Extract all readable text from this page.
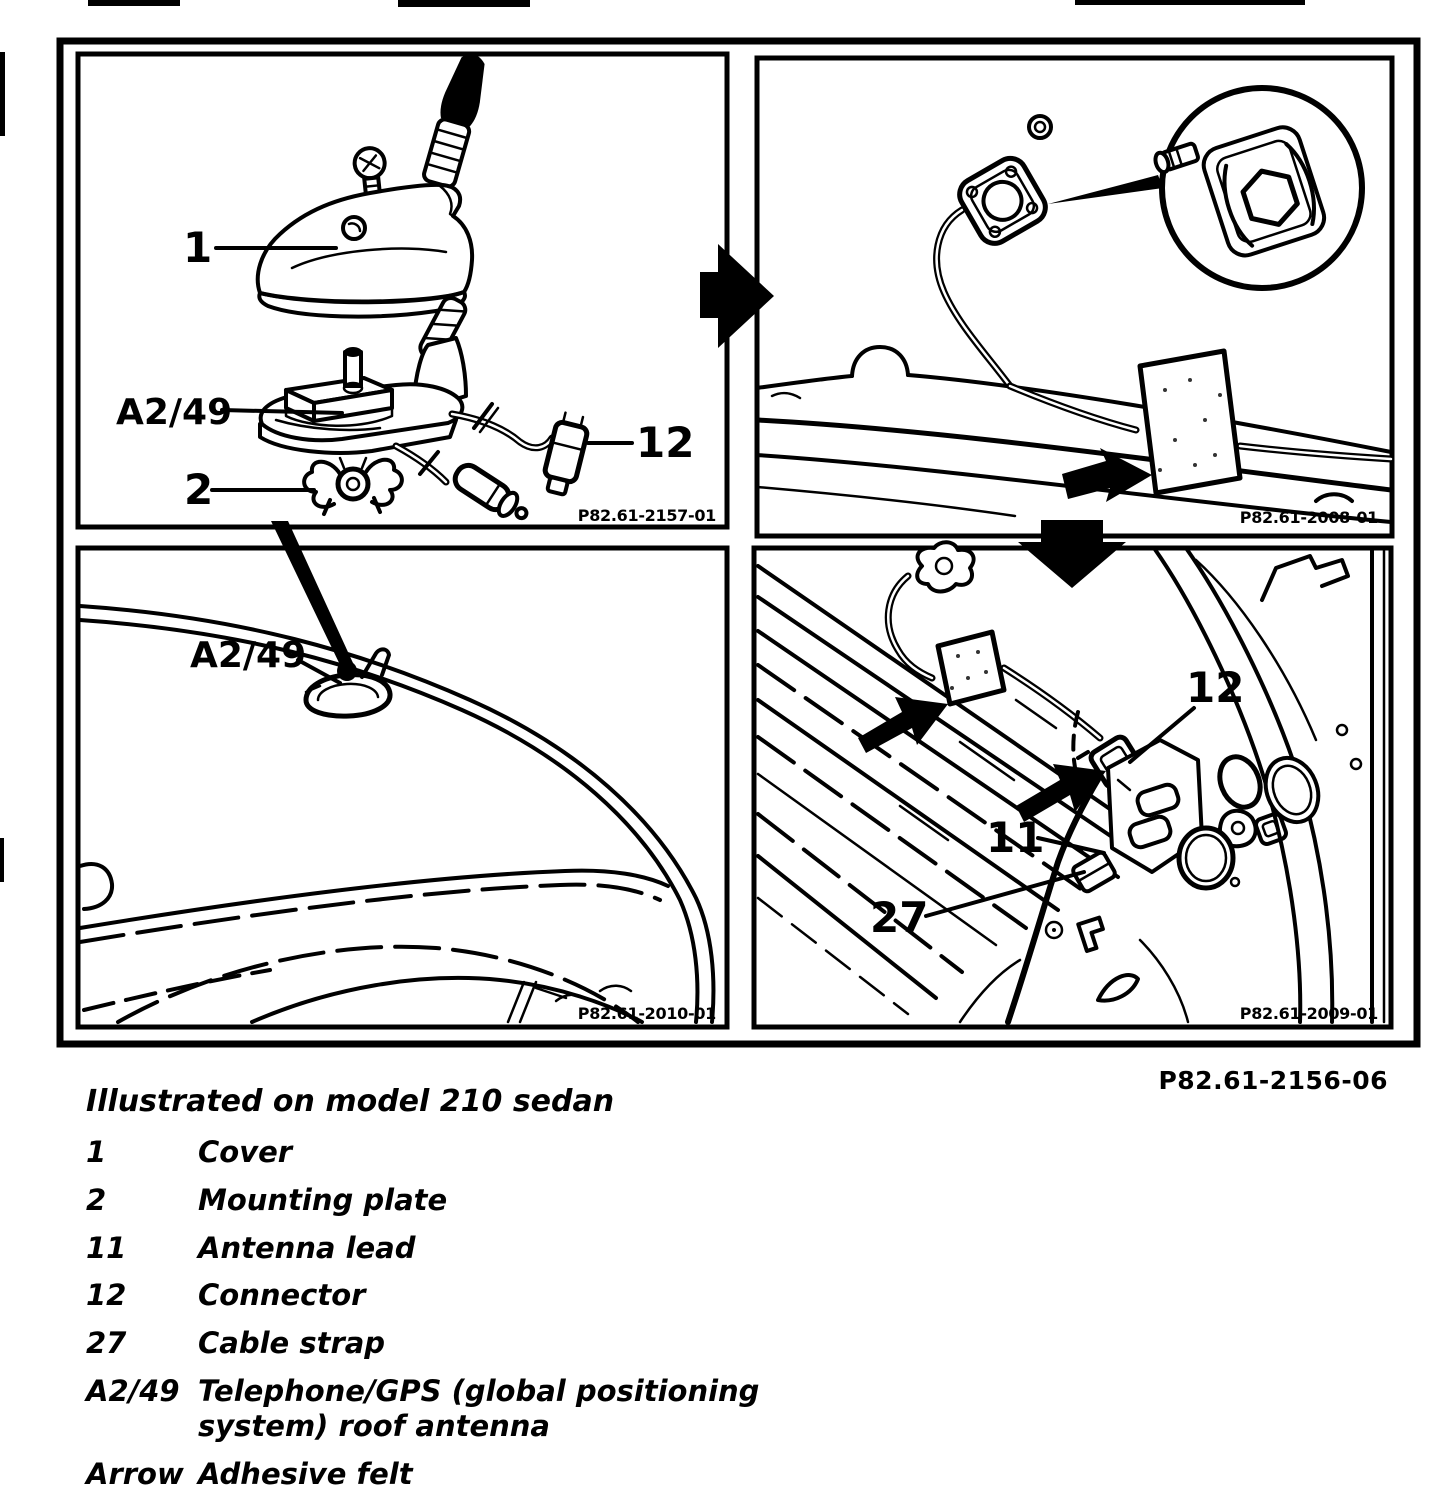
1
A2/49
2
12
P82.61-2157-01	P82.61-2008-01
A2/49
P82.61-2010-01
12
11
27
P82.61-2009-01
P82.61-2156-06
Illustrated on model 210 sedan
1	Cover
2	Mounting plate
11	Antenna lead
12	Connector
27	Cable strap
A2/49 Telephone/GPS (global positioning system) roof antenna
Arrow Adhesive felt
